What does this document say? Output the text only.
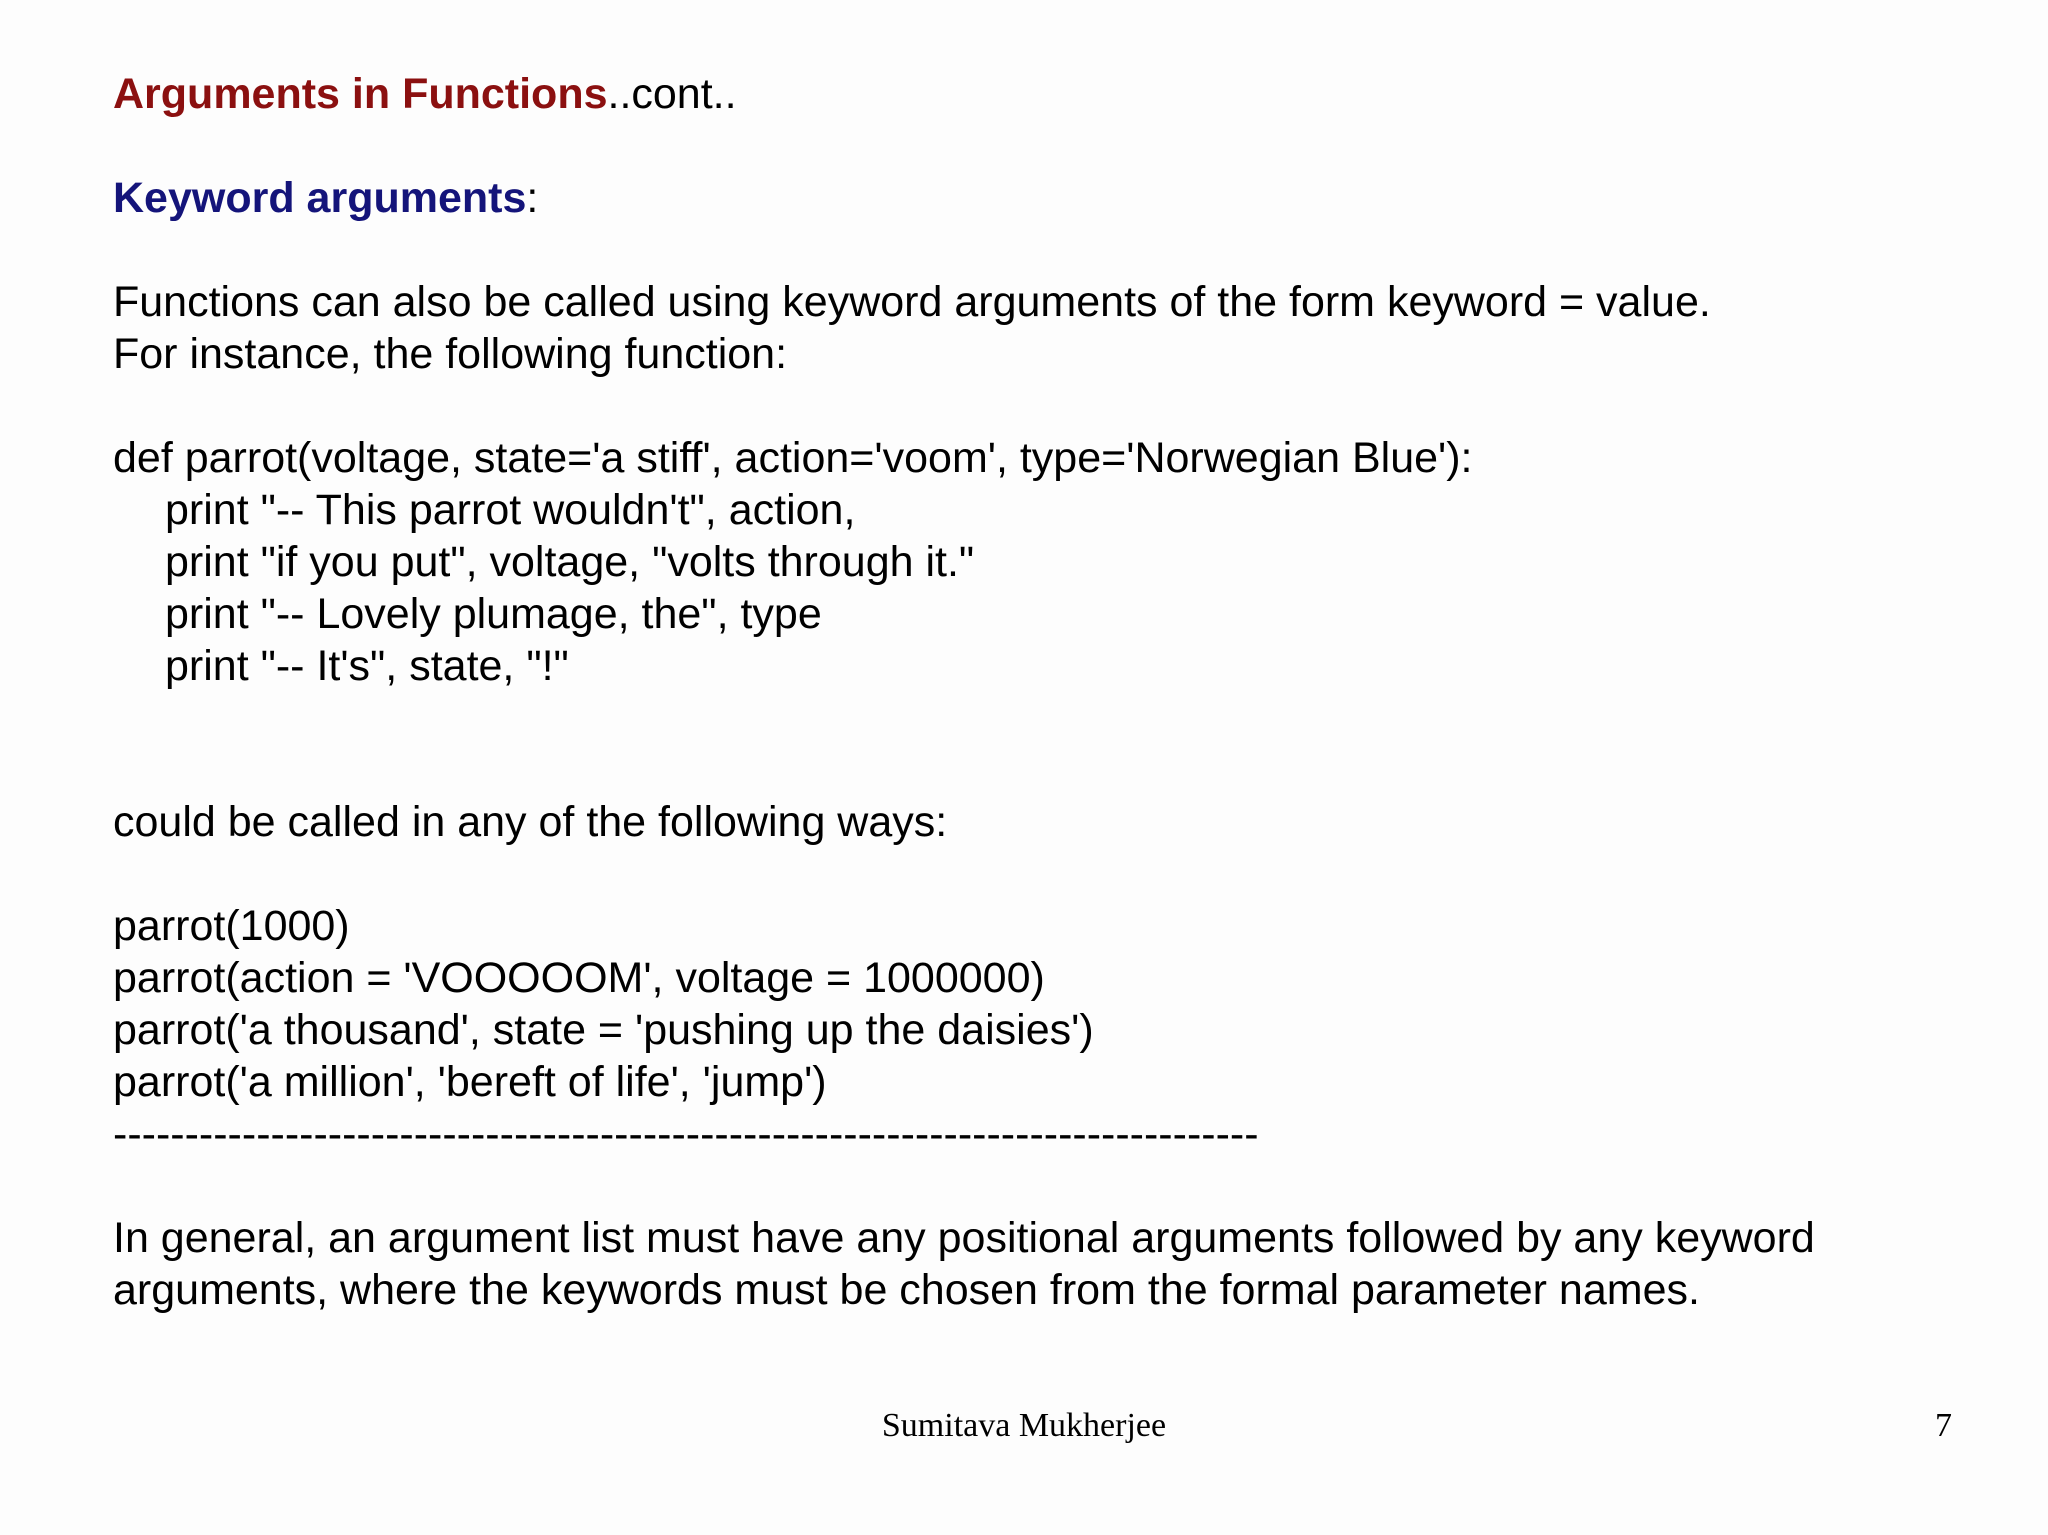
Arguments in Functions..cont..
Keyword arguments:
Functions can also be called using keyword arguments of the form keyword = value.
For instance, the following function:
def parrot(voltage, state='a stiff', action='voom', type='Norwegian Blue'):
print "-- This parrot wouldn't", action,
print "if you put", voltage, "volts through it."
print "-- Lovely plumage, the", type
print "-- It's", state, "!"
could be called in any of the following ways:
parrot(1000)
parrot(action = 'VOOOOOM', voltage = 1000000)
parrot('a thousand', state = 'pushing up the daisies')
parrot('a million', 'bereft of life', 'jump')
--------------------------------------------------------------------------------
In general, an argument list must have any positional arguments followed by any keyword
arguments, where the keywords must be chosen from the formal parameter names.
Sumitava Mukherjee	7
